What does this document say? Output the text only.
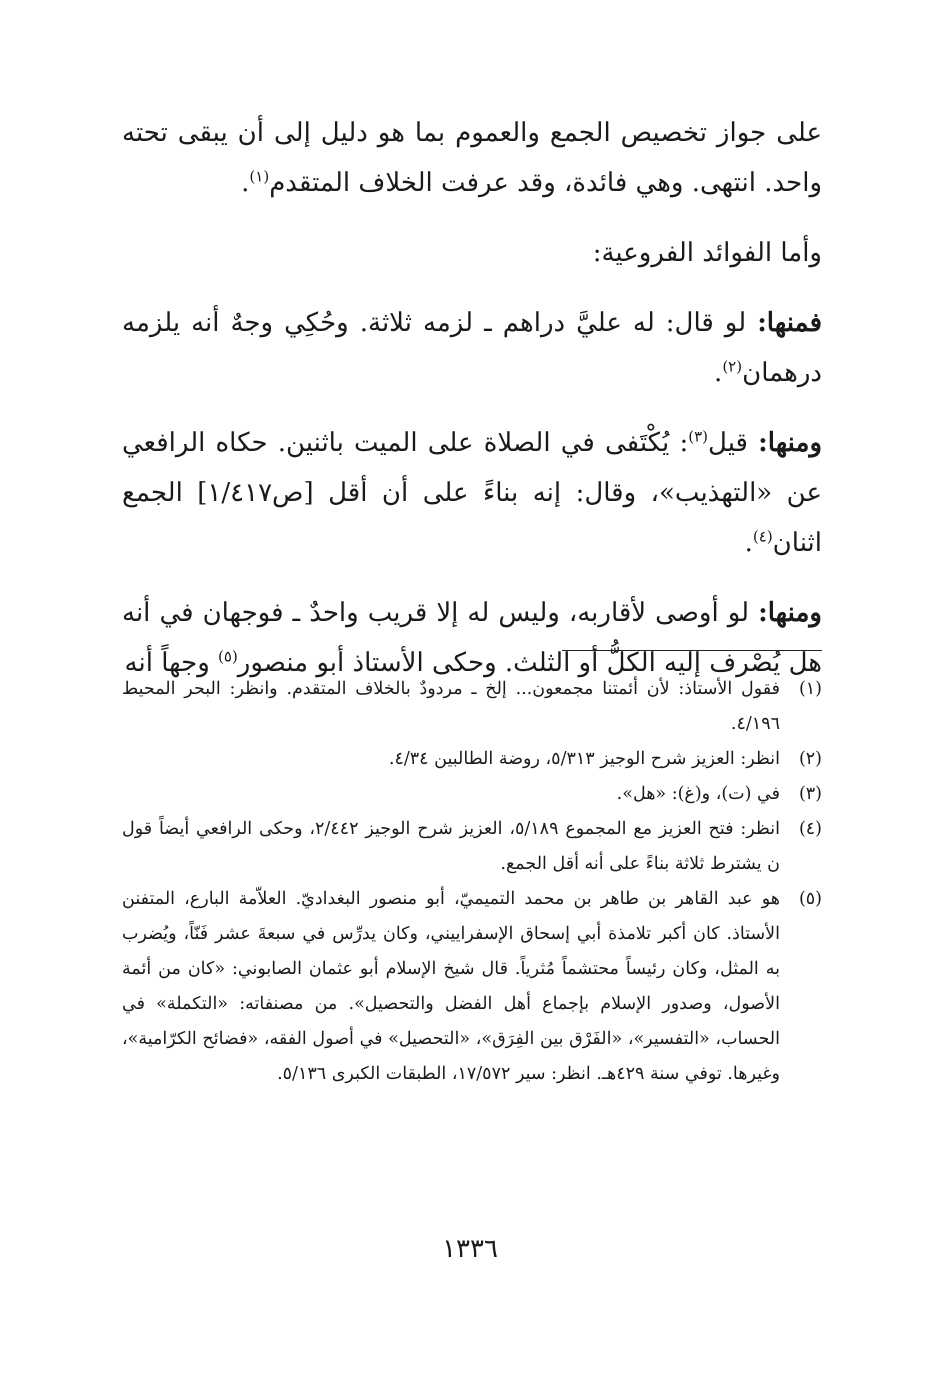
على جواز تخصيص الجمع والعموم بما هو دليل إلى أن يبقى تحته واحد. انتهى. وهي فائدة، وقد عرفت الخلاف المتقدم$^{(١)}$.

وأما الفوائد الفروعية:

فمنها: لو قال: له عليَّ دراهم ـ لزمه ثلاثة. وحُكِي وجهٌ أنه يلزمه درهمان$^{(٢)}$.

ومنها: قيل$^{(٣)}$: يُكْتَفى في الصلاة على الميت باثنين. حكاه الرافعي عن «التهذيب»، وقال: إنه بناءً على أن أقل [ص١/٤١٧] الجمع اثنان$^{(٤)}$.

ومنها: لو أوصى لأقاربه، وليس له إلا قريب واحدٌ ـ فوجهان في أنه هل يُصْرف إليه الكلُّ أو الثلث. وحكى الأستاذ أبو منصور$^{(٥)}$ وجهاً أنه

(١)
فقول الأستاذ: لأن أئمتنا مجمعون... إلخ ـ مردودٌ بالخلاف المتقدم. وانظر: البحر المحيط ٤/١٩٦.
(٢)
انظر: العزيز شرح الوجيز ٥/٣١٣، روضة الطالبين ٤/٣٤.
(٣)
في (ت)، و(غ): «هل».
(٤)
انظر: فتح العزيز مع المجموع ٥/١٨٩، العزيز شرح الوجيز ٢/٤٤٢، وحكى الرافعي أيضاً قول ن يشترط ثلاثة بناءً على أنه أقل الجمع.
(٥)
هو عبد القاهر بن طاهر بن محمد التميميّ، أبو منصور البغداديّ. العلاّمة البارع، المتفنن الأستاذ. كان أكبر تلامذة أبي إسحاق الإسفراييني، وكان يدرِّس في سبعةَ عشر فَنّاً، ويُضرب به المثل، وكان رئيساً محتشماً مُثرياً. قال شيخ الإسلام أبو عثمان الصابوني: «كان من أئمة الأصول، وصدور الإسلام بإجماع أهل الفضل والتحصيل». من مصنفاته: «التكملة» في الحساب، «التفسير»، «الفَرْق بين الفِرَق»، «التحصيل» في أصول الفقه، «فضائح الكرّامية»، وغيرها. توفي سنة ٤٢٩هـ. انظر: سير ١٧/٥٧٢، الطبقات الكبرى ٥/١٣٦.
١٣٣٦
